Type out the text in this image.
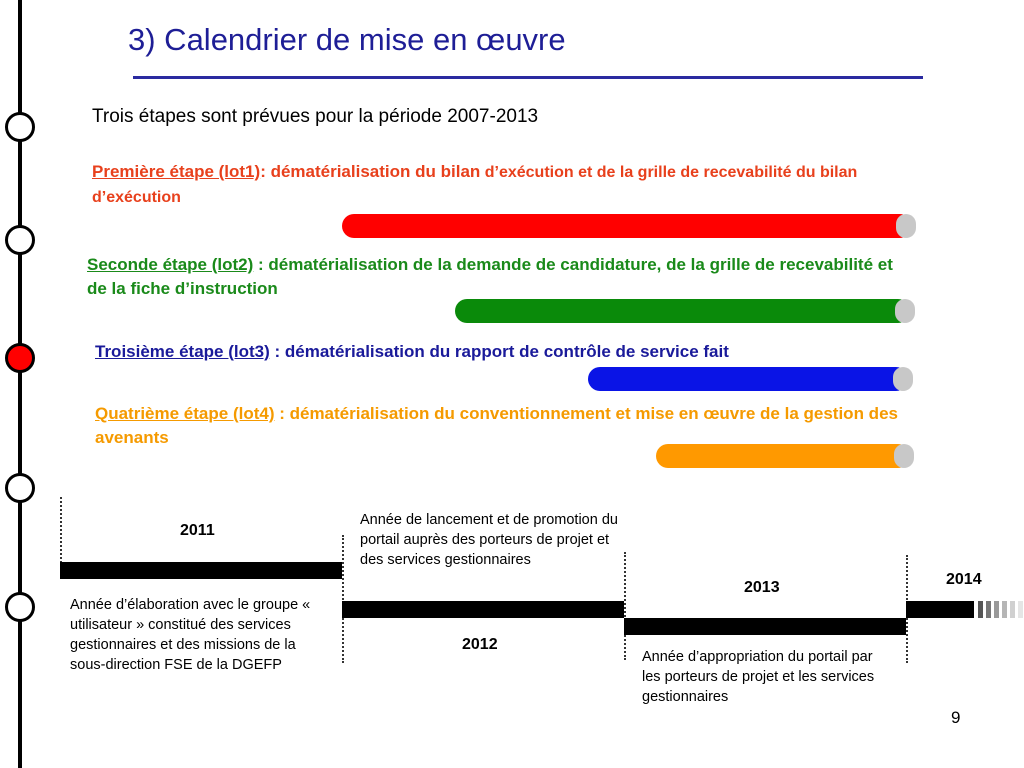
3) Calendrier de mise en œuvre
Trois étapes sont prévues pour la période 2007-2013
Première étape (lot1): dématérialisation du bilan d’exécution et de la grille de recevabilité du bilan d’exécution
Seconde étape (lot2) : dématérialisation de la demande de candidature, de la grille de recevabilité et de la fiche d’instruction
Troisième étape (lot3) : dématérialisation du rapport de contrôle de service fait
Quatrième étape (lot4) : dématérialisation du conventionnement et mise en œuvre de la gestion des avenants
2011
2012
2013	2014
Année d’élaboration avec le groupe « utilisateur » constitué des services gestionnaires et des missions de la sous-direction FSE de la DGEFP
Année de lancement et de promotion du portail auprès des porteurs de projet et des services gestionnaires
Année d’appropriation du portail par les porteurs de projet et les services gestionnaires
9
